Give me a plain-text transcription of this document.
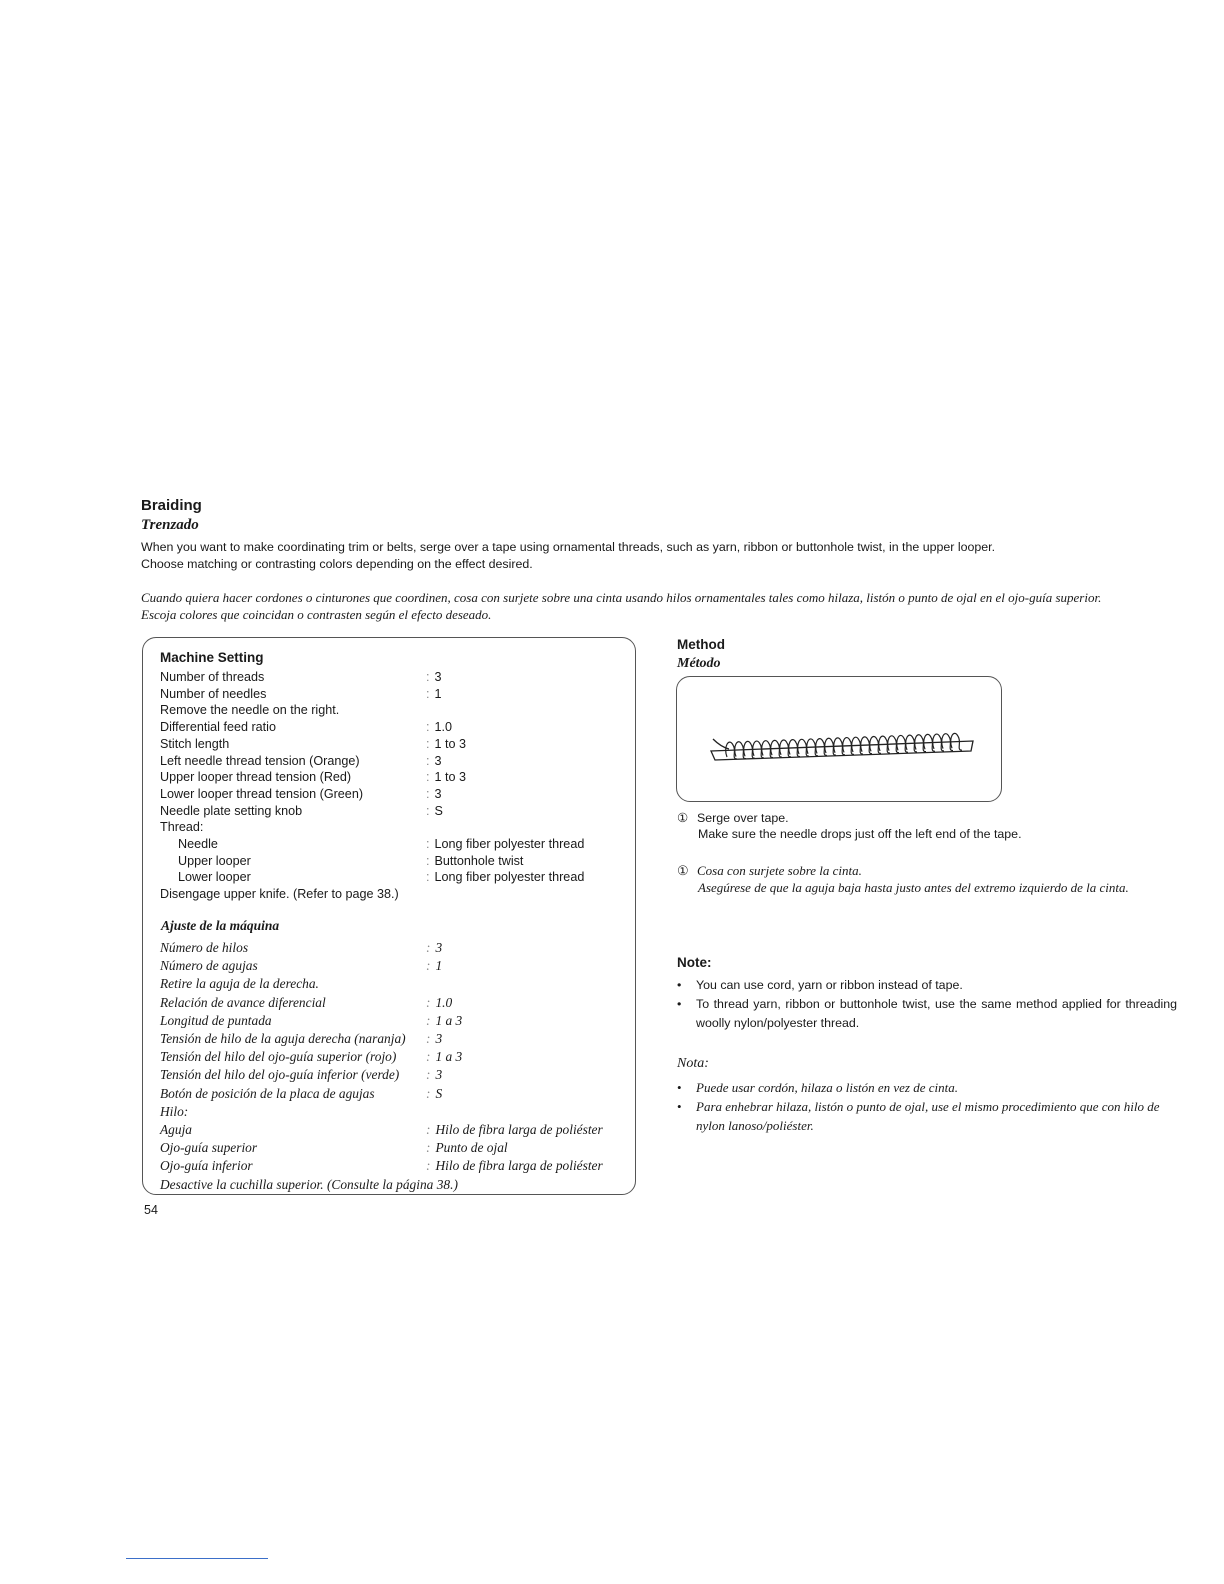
Braiding
Trenzado
When you want to make coordinating trim or belts, serge over a tape using ornamental threads, such as yarn, ribbon or buttonhole twist, in the upper looper.
Choose matching or contrasting colors depending on the effect desired.
Cuando quiera hacer cordones o cinturones que coordinen, cosa con surjete sobre una cinta usando hilos ornamentales tales como hilaza, listón o punto de ojal en el ojo-guía superior.
Escoja colores que coincidan o contrasten según el efecto deseado.
Machine Setting
Number of threads	: 3
Number of needles	: 1
Remove the needle on the right.
Differential feed ratio	: 1.0
Stitch length	: 1 to 3
Left needle thread tension (Orange)	: 3
Upper looper thread tension (Red)	: 1 to 3
Lower looper thread tension (Green)	: 3
Needle plate setting knob	: S
Thread:
Needle	: Long fiber polyester thread
Upper looper	: Buttonhole twist
Lower looper	: Long fiber polyester thread
Disengage upper knife. (Refer to page 38.)
Ajuste de la máquina
Número de hilos	: 3
Número de agujas	: 1
Retire la aguja de la derecha.
Relación de avance diferencial	: 1.0
Longitud de puntada	: 1 a 3
Tensión de hilo de la aguja derecha (naranja) : 3
Tensión del hilo del ojo-guía superior (rojo) : 1 a 3
Tensión del hilo del ojo-guía inferior (verde) : 3
Botón de posición de la placa de agujas	: S
Hilo:
Aguja	: Hilo de fibra larga de poliéster
Ojo-guía superior	: Punto de ojal
Ojo-guía inferior	: Hilo de fibra larga de poliéster
Desactive la cuchilla superior. (Consulte la página 38.)
54
Method
Método
① Serge over tape.
Make sure the needle drops just off the left end of the tape.
① Cosa con surjete sobre la cinta.
Asegúrese de que la aguja baja hasta justo antes del extremo izquierdo de la cinta.
Note:
•	You can use cord, yarn or ribbon instead of tape.
•	To thread yarn, ribbon or buttonhole twist, use the same method applied for threading woolly nylon/polyester thread.
Nota:
•	Puede usar cordón, hilaza o listón en vez de cinta.
•	Para enhebrar hilaza, listón o punto de ojal, use el mismo procedimiento que con hilo de nylon lanoso/poliéster.
